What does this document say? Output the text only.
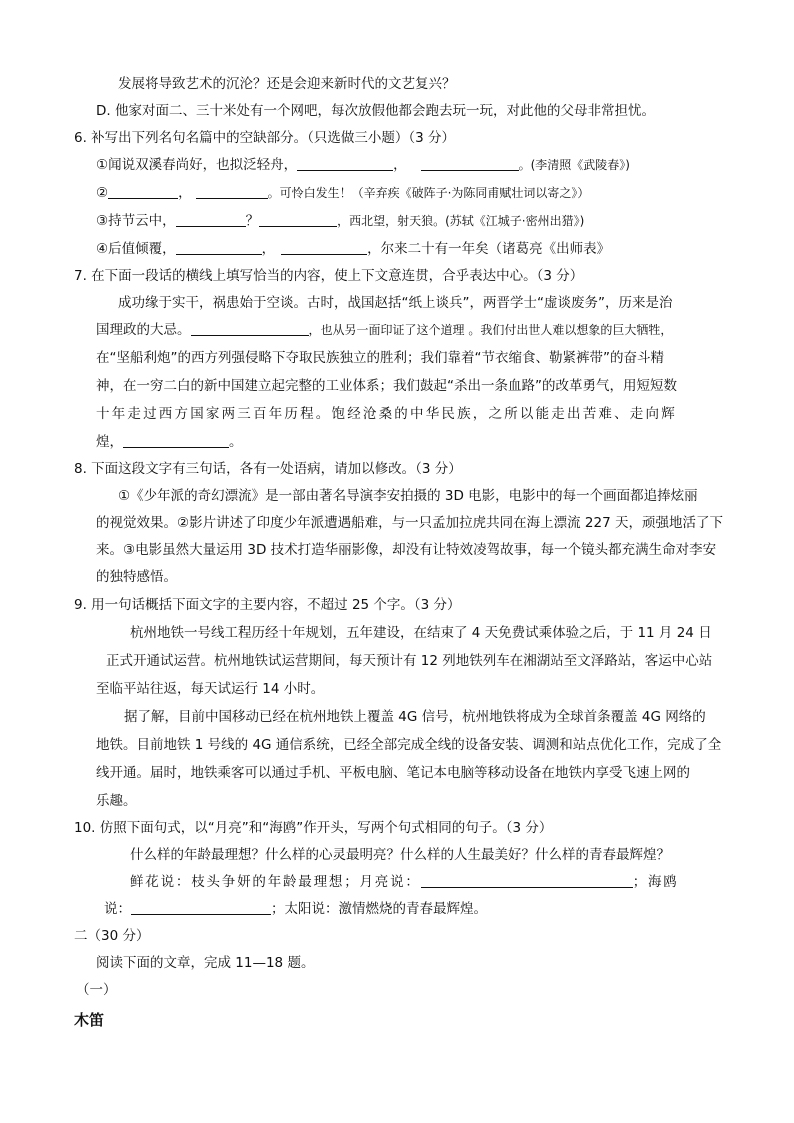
发展将导致艺术的沉沦？还是会迎来新时代的文艺复兴？
D. 他家对面二、三十米处有一个网吧，每次放假他都会跑去玩一玩，对此他的父母非常担忧。
6. 补写出下列名句名篇中的空缺部分。（只选做三小题）（3 分）
①闻说双溪春尚好，也拟泛轻舟，	，	。(李清照《武陵春》)
②	，	。可怜白发生！（辛弃疾《破阵子·为陈同甫赋壮词以寄之》）
③持节云中，	？	，西北望，射天狼。(苏轼《江城子·密州出猎》)
④后值倾覆，	，	，尔来二十有一年矣（诸葛亮《出师表》
7. 在下面一段话的横线上填写恰当的内容，使上下文意连贯，合乎表达中心。（3 分）
成功缘于实干，祸患始于空谈。古时，战国赵括“纸上谈兵”，两晋学士“虚谈废务”，历来是治
国理政的大忌。	，也从另一面印证了这个道理 。我们付出世人难以想象的巨大牺牲，
在“坚船利炮”的西方列强侵略下夺取民族独立的胜利；我们靠着“节衣缩食、勒紧裤带”的奋斗精
神，在一穷二白的新中国建立起完整的工业体系；我们鼓起“杀出一条血路”的改革勇气，用短短数
十年走过西方国家两三百年历程。饱经沧桑的中华民族，之所以能走出苦难、走向辉
煌，	。
8. 下面这段文字有三句话，各有一处语病，请加以修改。（3 分）
①《少年派的奇幻漂流》是一部由著名导演李安拍摄的 3D 电影，电影中的每一个画面都追捧炫丽
的视觉效果。②影片讲述了印度少年派遭遇船难，与一只孟加拉虎共同在海上漂流 227 天，顽强地活了下
来。③电影虽然大量运用 3D 技术打造华丽影像，却没有让特效凌驾故事，每一个镜头都充满生命对李安
的独特感悟。
9. 用一句话概括下面文字的主要内容，不超过 25 个字。（3 分）
杭州地铁一号线工程历经十年规划，五年建设，在结束了 4 天免费试乘体验之后，于 11 月 24 日
正式开通试运营。杭州地铁试运营期间，每天预计有 12 列地铁列车在湘湖站至文泽路站，客运中心站
至临平站往返，每天试运行 14 小时。
据了解，目前中国移动已经在杭州地铁上覆盖 4G 信号，杭州地铁将成为全球首条覆盖 4G 网络的
地铁。目前地铁 1 号线的 4G 通信系统，已经全部完成全线的设备安装、调测和站点优化工作，完成了全
线开通。届时，地铁乘客可以通过手机、平板电脑、笔记本电脑等移动设备在地铁内享受飞速上网的
乐趣。
10. 仿照下面句式，以“月亮”和“海鸥”作开头，写两个句式相同的句子。（3 分）
什么样的年龄最理想？什么样的心灵最明亮？什么样的人生最美好？什么样的青春最辉煌？
鲜花说：枝头争妍的年龄最理想；月亮说：	；海鸥
说：	；太阳说：激情燃烧的青春最辉煌。
二（30 分）
阅读下面的文章，完成 11—18 题。
（一）
木笛
